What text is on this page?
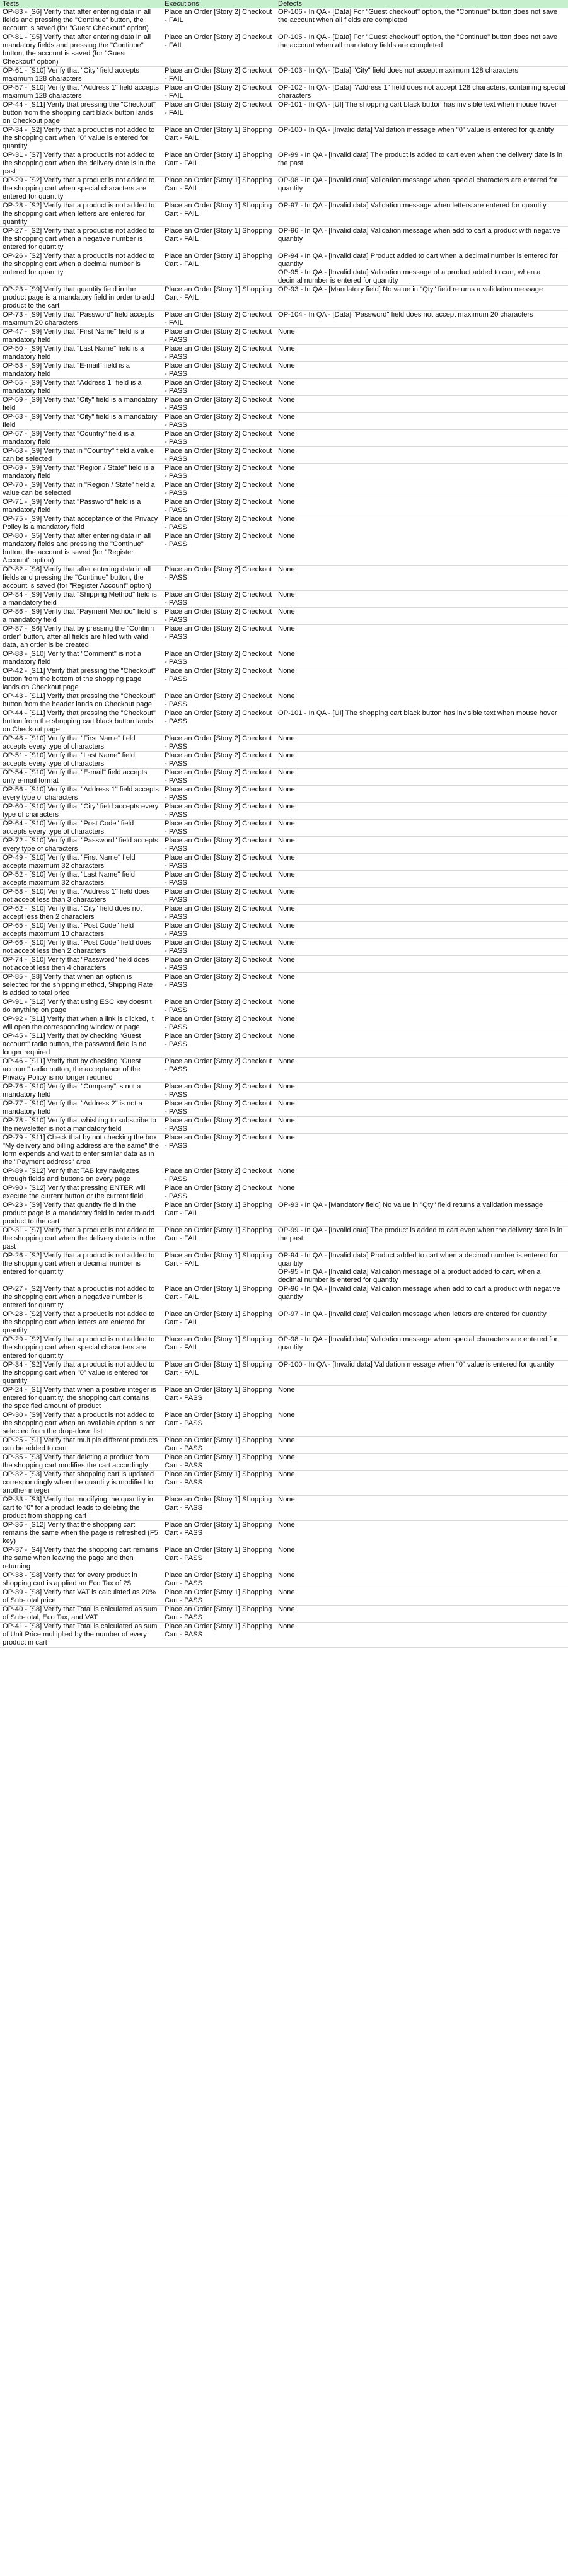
Tests	Executions	Defects
OP-83 - [S6] Verify that after entering data in all fields and pressing the "Continue" button, the account is saved (for "Guest Checkout" option)
Place an Order [Story 2] Checkout - FAIL
OP-106 - In QA - [Data] For "Guest checkout" option, the "Continue" button does not save the account when all fields are completed
OP-81 - [S5] Verify that after entering data in all mandatory fields and pressing the "Continue" button, the account is saved (for "Guest Checkout" option)
Place an Order [Story 2] Checkout - FAIL
OP-105 - In QA - [Data] For "Guest checkout" option, the "Continue" button does not save the account when all mandatory fields are completed
OP-61 - [S10] Verify that "City" field accepts maximum 128 characters
Place an Order [Story 2] Checkout - FAIL
OP-103 - In QA - [Data] "City" field does not accept maximum 128 characters
OP-57 - [S10] Verify that "Address 1" field accepts maximum 128 characters
Place an Order [Story 2] Checkout - FAIL
OP-102 - In QA - [Data] "Address 1" field does not accept 128 characters, containing special characters
OP-44 - [S11] Verify that pressing the "Checkout" button from the shopping cart black button lands on Checkout page
Place an Order [Story 2] Checkout - FAIL
OP-101 - In QA - [UI] The shopping cart black button has invisible text when mouse hover
OP-34 - [S2] Verify that a product is not added to the shopping cart when "0" value is entered for quantity
Place an Order [Story 1] Shopping Cart - FAIL
OP-100 - In QA - [Invalid data] Validation message when "0" value is entered for quantity
OP-31 - [S7] Verify that a product is not added to the shopping cart when the delivery date is in the past
Place an Order [Story 1] Shopping Cart - FAIL
OP-99 - In QA - [Invalid data] The product is added to cart even when the delivery date is in the past
OP-29 - [S2] Verify that a product is not added to the shopping cart when special characters are entered for quantity
Place an Order [Story 1] Shopping Cart - FAIL
OP-98 - In QA - [Invalid data] Validation message when special characters are entered for quantity
OP-28 - [S2] Verify that a product is not added to the shopping cart when letters are entered for quantity
Place an Order [Story 1] Shopping Cart - FAIL
OP-97 - In QA - [Invalid data] Validation message when letters are entered for quantity
OP-27 - [S2] Verify that a product is not added to the shopping cart when a negative number is entered for quantity
Place an Order [Story 1] Shopping Cart - FAIL
OP-96 - In QA - [Invalid data] Validation message when add to cart a product with negative quantity
OP-26 - [S2] Verify that a product is not added to the shopping cart when a decimal number is entered for quantity
Place an Order [Story 1] Shopping Cart - FAIL
OP-94 - In QA - [Invalid data] Product added to cart when a decimal number is entered for quantity
OP-95 - In QA - [Invalid data] Validation message of a product added to cart, when a decimal number is entered for quantity
OP-23 - [S9] Verify that quantity field in the product page is a mandatory field in order to add product to the cart
Place an Order [Story 1] Shopping Cart - FAIL
OP-93 - In QA - [Mandatory field] No value in "Qty" field returns a validation message
OP-73 - [S9] Verify that "Password" field accepts maximum 20 characters
Place an Order [Story 2] Checkout - FAIL
OP-104 - In QA - [Data] "Password" field does not accept maximum 20 characters
OP-47 - [S9] Verify that "First Name" field is a mandatory field
Place an Order [Story 2] Checkout - PASS
None
OP-50 - [S9] Verify that "Last Name" field is a mandatory field
Place an Order [Story 2] Checkout - PASS
None
OP-53 - [S9] Verify that "E-mail" field is a mandatory field
Place an Order [Story 2] Checkout - PASS
None
OP-55 - [S9] Verify that "Address 1" field is a mandatory field
Place an Order [Story 2] Checkout - PASS
None
OP-59 - [S9] Verify that "City" field is a mandatory field
Place an Order [Story 2] Checkout - PASS
None
OP-63 - [S9] Verify that "City" field is a mandatory field
Place an Order [Story 2] Checkout - PASS
None
OP-67 - [S9] Verify that "Country" field is a mandatory field
Place an Order [Story 2] Checkout - PASS
None
OP-68 - [S9] Verify that in "Country" field a value can be selected
Place an Order [Story 2] Checkout - PASS
None
OP-69 - [S9] Verify that "Region / State" field is a mandatory field
Place an Order [Story 2] Checkout - PASS
None
OP-70 - [S9] Verify that in "Region / State" field a value can be selected
Place an Order [Story 2] Checkout - PASS
None
OP-71 - [S9] Verify that "Password" field is a mandatory field
Place an Order [Story 2] Checkout - PASS
None
OP-75 - [S9] Verify that acceptance of the Privacy Policy is a mandatory field
Place an Order [Story 2] Checkout - PASS
None
OP-80 - [S5] Verify that after entering data in all mandatory fields and pressing the "Continue" button, the account is saved (for "Register Account" option)
Place an Order [Story 2] Checkout - PASS
None
OP-82 - [S6] Verify that after entering data in all fields and pressing the "Continue" button, the account is saved (for "Register Account" option)
Place an Order [Story 2] Checkout - PASS
None
OP-84 - [S9] Verify that "Shipping Method" field is a mandatory field
Place an Order [Story 2] Checkout - PASS
None
OP-86 - [S9] Verify that "Payment Method" field is a mandatory field
Place an Order [Story 2] Checkout - PASS
None
OP-87 - [S6] Verify that by pressing the "Confirm order" button, after all fields are filled with valid data, an order is be created
Place an Order [Story 2] Checkout - PASS
None
OP-88 - [S10] Verify that "Comment" is not a mandatory field
Place an Order [Story 2] Checkout - PASS
None
OP-42 - [S11] Verify that pressing the "Checkout" button from the bottom of the shopping page lands on Checkout page
Place an Order [Story 2] Checkout - PASS
None
OP-43 - [S11] Verify that pressing the "Checkout" button from the header lands on Checkout page
Place an Order [Story 2] Checkout - PASS
None
OP-44 - [S11] Verify that pressing the "Checkout" button from the shopping cart black button lands on Checkout page
Place an Order [Story 2] Checkout - PASS
OP-101 - In QA - [UI] The shopping cart black button has invisible text when mouse hover
OP-48 - [S10] Verify that "First Name" field accepts every type of characters
Place an Order [Story 2] Checkout - PASS
None
OP-51 - [S10] Verify that "Last Name" field accepts every type of characters
Place an Order [Story 2] Checkout - PASS
None
OP-54 - [S10] Verify that "E-mail" field accepts only e-mail format
Place an Order [Story 2] Checkout - PASS
None
OP-56 - [S10] Verify that "Address 1" field accepts every type of characters
Place an Order [Story 2] Checkout - PASS
None
OP-60 - [S10] Verify that "City" field accepts every type of characters
Place an Order [Story 2] Checkout - PASS
None
OP-64 - [S10] Verify that "Post Code" field accepts every type of characters
Place an Order [Story 2] Checkout - PASS
None
OP-72 - [S10] Verify that "Password" field accepts every type of characters
Place an Order [Story 2] Checkout - PASS
None
OP-49 - [S10] Verify that "First Name" field accepts maximum 32 characters
Place an Order [Story 2] Checkout - PASS
None
OP-52 - [S10] Verify that "Last Name" field accepts maximum 32 characters
Place an Order [Story 2] Checkout - PASS
None
OP-58 - [S10] Verify that "Address 1" field does not accept less than 3 characters
Place an Order [Story 2] Checkout - PASS
None
OP-62 - [S10] Verify that "City" field does not accept less then 2 characters
Place an Order [Story 2] Checkout - PASS
None
OP-65 - [S10] Verify that "Post Code" field accepts maximum 10 characters
Place an Order [Story 2] Checkout - PASS
None
OP-66 - [S10] Verify that "Post Code" field does not accept less then 2 characters
Place an Order [Story 2] Checkout - PASS
None
OP-74 - [S10] Verify that "Password" field does not accept less then 4 characters
Place an Order [Story 2] Checkout - PASS
None
OP-85 - [S8] Verify that when an option is selected for the shipping method, Shipping Rate is added to total price
Place an Order [Story 2] Checkout - PASS
None
OP-91 - [S12] Verify that using ESC key doesn't do anything on page
Place an Order [Story 2] Checkout - PASS
None
OP-92 - [S11] Verify that when a link is clicked, it will open the corresponding window or page
Place an Order [Story 2] Checkout - PASS
None
OP-45 - [S11] Verify that by checking "Guest account" radio button, the password field is no longer required
Place an Order [Story 2] Checkout - PASS
None
OP-46 - [S11] Verify that by checking "Guest account" radio button, the acceptance of the Privacy Policy is no longer required
Place an Order [Story 2] Checkout - PASS
None
OP-76 - [S10] Verify that "Company" is not a mandatory field
Place an Order [Story 2] Checkout - PASS
None
OP-77 - [S10] Verify that "Address 2" is not a mandatory field
Place an Order [Story 2] Checkout - PASS
None
OP-78 - [S10] Verify that whishing to subscribe to the newsletter is not a mandatory field
Place an Order [Story 2] Checkout - PASS
None
OP-79 - [S11] Check that by not checking the box "My delivery and billing address are the same" the form expends and wait to enter similar data as in the "Payment address" area
Place an Order [Story 2] Checkout - PASS
None
OP-89 - [S12] Verify that TAB key navigates through fields and buttons on every page
Place an Order [Story 2] Checkout - PASS
None
OP-90 - [S12] Verify that pressing ENTER will execute the current button or the current field
Place an Order [Story 2] Checkout - PASS
None
OP-23 - [S9] Verify that quantity field in the product page is a mandatory field in order to add product to the cart
Place an Order [Story 1] Shopping Cart - FAIL
OP-93 - In QA - [Mandatory field] No value in "Qty" field returns a validation message
OP-31 - [S7] Verify that a product is not added to the shopping cart when the delivery date is in the past
Place an Order [Story 1] Shopping Cart - FAIL
OP-99 - In QA - [Invalid data] The product is added to cart even when the delivery date is in the past
OP-26 - [S2] Verify that a product is not added to the shopping cart when a decimal number is entered for quantity
Place an Order [Story 1] Shopping Cart - FAIL
OP-94 - In QA - [Invalid data] Product added to cart when a decimal number is entered for quantity
OP-95 - In QA - [Invalid data] Validation message of a product added to cart, when a decimal number is entered for quantity
OP-27 - [S2] Verify that a product is not added to the shopping cart when a negative number is entered for quantity
Place an Order [Story 1] Shopping Cart - FAIL
OP-96 - In QA - [Invalid data] Validation message when add to cart a product with negative quantity
OP-28 - [S2] Verify that a product is not added to the shopping cart when letters are entered for quantity
Place an Order [Story 1] Shopping Cart - FAIL
OP-97 - In QA - [Invalid data] Validation message when letters are entered for quantity
OP-29 - [S2] Verify that a product is not added to the shopping cart when special characters are entered for quantity
Place an Order [Story 1] Shopping Cart - FAIL
OP-98 - In QA - [Invalid data] Validation message when special characters are entered for quantity
OP-34 - [S2] Verify that a product is not added to the shopping cart when "0" value is entered for quantity
Place an Order [Story 1] Shopping Cart - FAIL
OP-100 - In QA - [Invalid data] Validation message when "0" value is entered for quantity
OP-24 - [S1] Verify that when a positive integer is entered for quantity, the shopping cart contains the specified amount of product
Place an Order [Story 1] Shopping Cart - PASS
None
OP-30 - [S9] Verify that a product is not added to the shopping cart when an available option is not selected from the drop-down list
Place an Order [Story 1] Shopping Cart - PASS
None
OP-25 - [S1] Verify that multiple different products can be added to cart
Place an Order [Story 1] Shopping Cart - PASS
None
OP-35 - [S3] Verify that deleting a product from the shopping cart modifies the cart accordingly
Place an Order [Story 1] Shopping Cart - PASS
None
OP-32 - [S3] Verify that shopping cart is updated correspondingly when the quantity is modified to another integer
Place an Order [Story 1] Shopping Cart - PASS
None
OP-33 - [S3] Verify that modifying the quantity in cart to "0" for a product leads to deleting the product from shopping cart
Place an Order [Story 1] Shopping Cart - PASS
None
OP-36 - [S12] Verify that the shopping cart remains the same when the page is refreshed (F5 key)
Place an Order [Story 1] Shopping Cart - PASS
None
OP-37 - [S4] Verify that the shopping cart remains the same when leaving the page and then returning
Place an Order [Story 1] Shopping Cart - PASS
None
OP-38 - [S8] Verify that for every product in shopping cart is applied an Eco Tax of 2$
Place an Order [Story 1] Shopping Cart - PASS
None
OP-39 - [S8] Verify that VAT is calculated as 20% of Sub-total price
Place an Order [Story 1] Shopping Cart - PASS
None
OP-40 - [S8] Verify that Total is calculated as sum of Sub-total, Eco Tax, and VAT
Place an Order [Story 1] Shopping Cart - PASS
None
OP-41 - [S8] Verify that Total is calculated as sum of Unit Price multiplied by the number of every product in cart
Place an Order [Story 1] Shopping Cart - PASS
None
